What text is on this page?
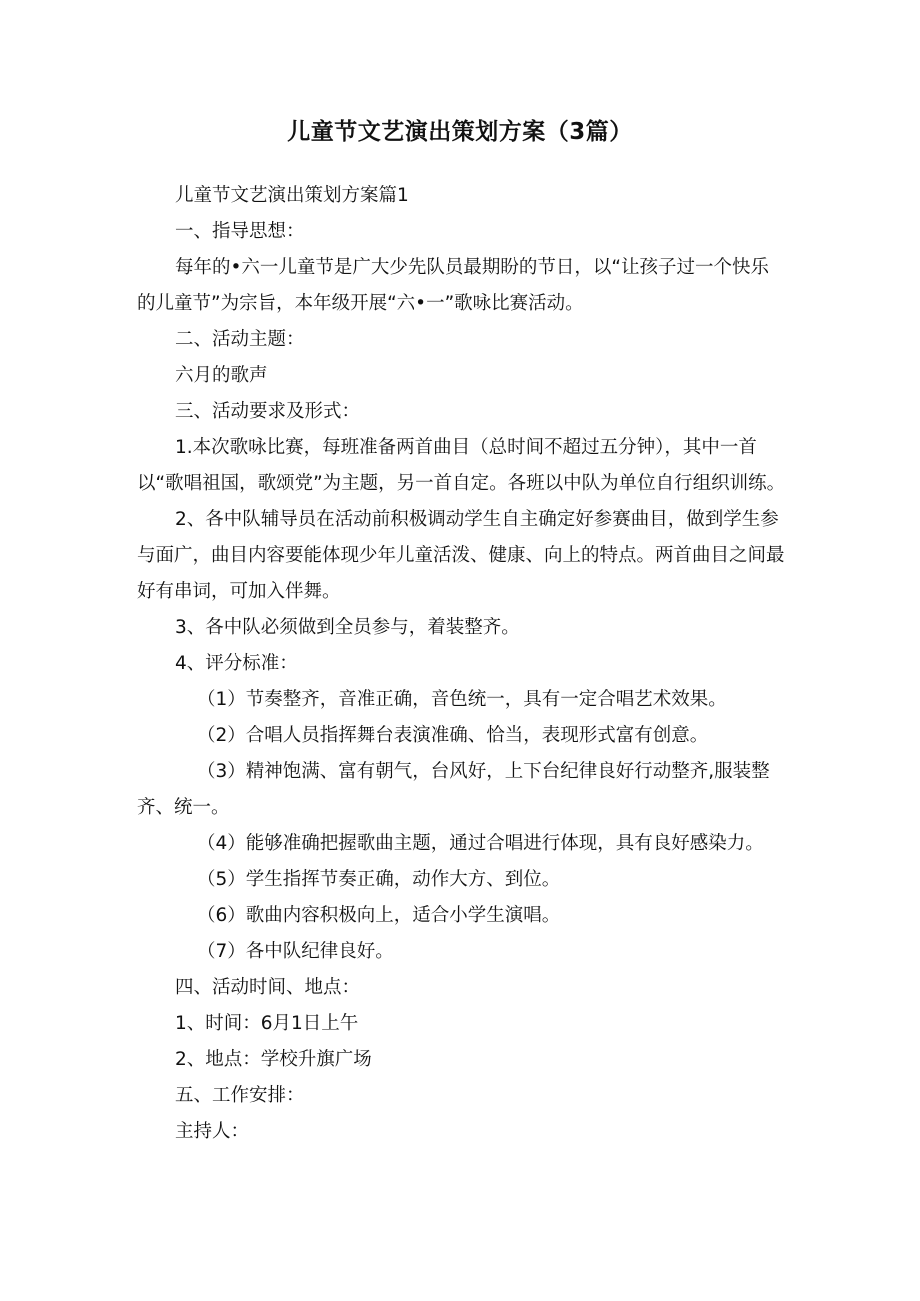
儿童节文艺演出策划方案（3篇）

儿童节文艺演出策划方案篇1

一、指导思想：

每年的•六一儿童节是广大少先队员最期盼的节日，以“让孩子过一个快乐的儿童节”为宗旨，本年级开展“六•一”歌咏比赛活动。

二、活动主题：

六月的歌声

三、活动要求及形式：

1.本次歌咏比赛，每班准备两首曲目（总时间不超过五分钟），其中一首以“歌唱祖国，歌颂党”为主题，另一首自定。各班以中队为单位自行组织训练。

2、各中队辅导员在活动前积极调动学生自主确定好参赛曲目，做到学生参与面广，曲目内容要能体现少年儿童活泼、健康、向上的特点。两首曲目之间最好有串词，可加入伴舞。

3、各中队必须做到全员参与，着装整齐。

4、评分标准：

（1）节奏整齐，音准正确，音色统一，具有一定合唱艺术效果。

（2）合唱人员指挥舞台表演准确、恰当，表现形式富有创意。

（3）精神饱满、富有朝气，台风好，上下台纪律良好行动整齐,服装整齐、统一。

（4）能够准确把握歌曲主题，通过合唱进行体现，具有良好感染力。

（5）学生指挥节奏正确，动作大方、到位。

（6）歌曲内容积极向上，适合小学生演唱。

（7）各中队纪律良好。

四、活动时间、地点：

1、时间：6月1日上午

2、地点：学校升旗广场

五、工作安排：

主持人：
